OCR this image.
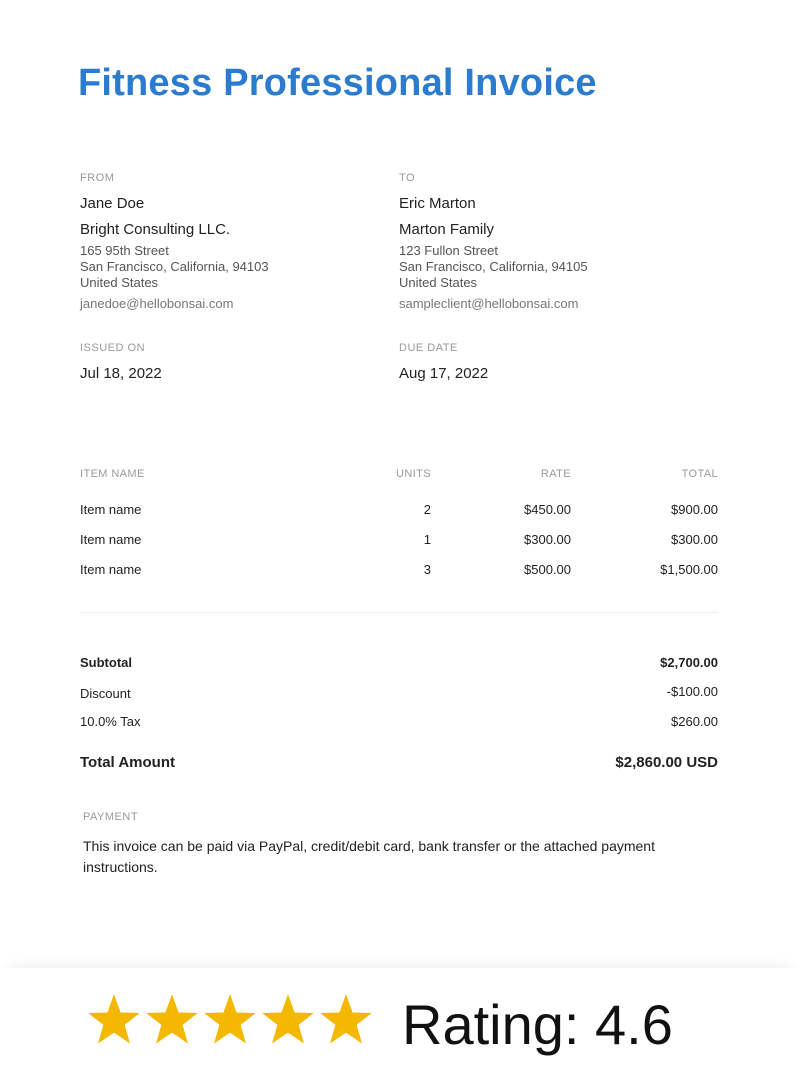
Fitness Professional Invoice
FROM
Jane Doe
Bright Consulting LLC.
165 95th Street
San Francisco, California, 94103
United States
janedoe@hellobonsai.com
TO
Eric Marton
Marton Family
123 Fullon Street
San Francisco, California, 94105
United States
sampleclient@hellobonsai.com
ISSUED ON
Jul 18, 2022
DUE DATE
Aug 17, 2022
ITEM NAME	UNITS	RATE	TOTAL
Item name	2	$450.00	$900.00
Item name	1	$300.00	$300.00
Item name	3	$500.00	$1,500.00
Subtotal	$2,700.00
Discount	-$100.00
10.0% Tax	$260.00
Total Amount	$2,860.00 USD
PAYMENT
This invoice can be paid via PayPal, credit/debit card, bank transfer or the attached payment instructions.
Rating: 4.6
